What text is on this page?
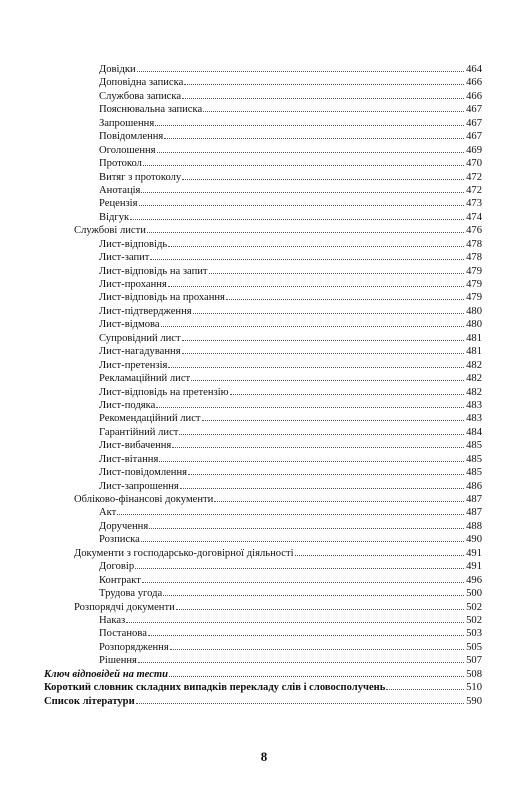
Довідки	464
Доповідна записка	466
Службова записка	466
Пояснювальна записка	467
Запрошення	467
Повідомлення	467
Оголошення	469
Протокол	470
Витяг з протоколу	472
Анотація	472
Рецензія	473
Відгук	474
Службові листи	476
Лист-відповідь	478
Лист-запит	478
Лист-відповідь на запит	479
Лист-прохання	479
Лист-відповідь на прохання	479
Лист-підтвердження	480
Лист-відмова	480
Супровідний лист	481
Лист-нагадування	481
Лист-претензія	482
Рекламаційний лист	482
Лист-відповідь на претензію	482
Лист-подяка	483
Рекомендаційний лист	483
Гарантійний лист	484
Лист-вибачення	485
Лист-вітання	485
Лист-повідомлення	485
Лист-запрошення	486
Обліково-фінансові документи	487
Акт	487
Доручення	488
Розписка	490
Документи з господарсько-договірної діяльності	491
Договір	491
Контракт	496
Трудова угода	500
Розпорядчі документи	502
Наказ	502
Постанова	503
Розпорядження	505
Рішення	507
Ключ відповідей на тести	508
Короткий словник складних випадків перекладу слів і словосполучень	510
Список літератури	590
8
